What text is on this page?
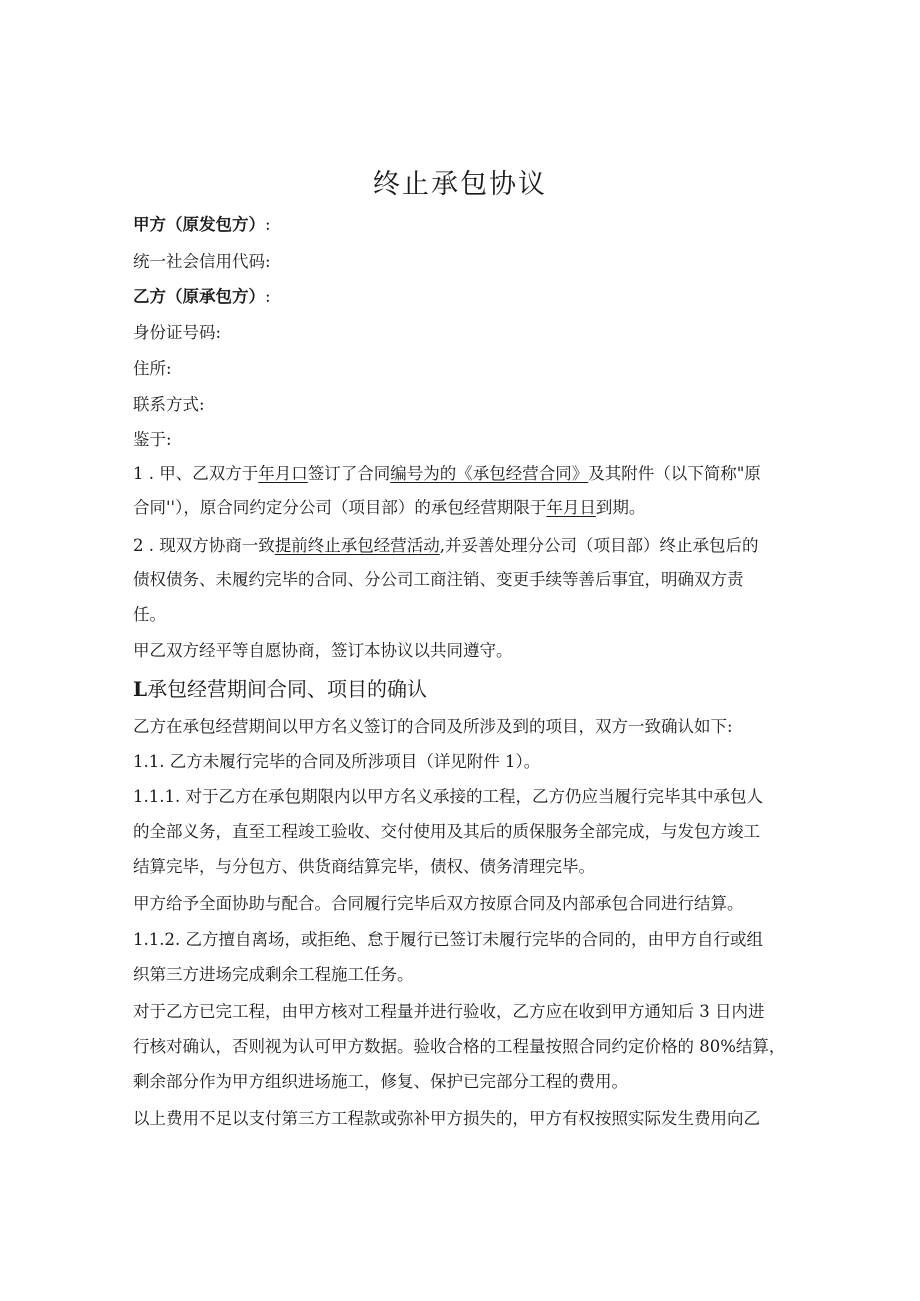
终止承包协议
甲方（原发包方）:
统一社会信用代码:
乙方（原承包方）:
身份证号码:
住所:
联系方式:
鉴于:
1 . 甲、乙双方于年月口签订了合同编号为的《承包经营合同》及其附件（以下简称"原
合同''），原合同约定分公司（项目部）的承包经营期限于年月日到期。
2 . 现双方协商一致提前终止承包经营活动,并妥善处理分公司（项目部）终止承包后的
债权债务、未履约完毕的合同、分公司工商注销、变更手续等善后事宜，明确双方责
任。
甲乙双方经平等自愿协商，签订本协议以共同遵守。
L承包经营期间合同、项目的确认
乙方在承包经营期间以甲方名义签订的合同及所涉及到的项目，双方一致确认如下:
1.1. 乙方未履行完毕的合同及所涉项目（详见附件 1）。
1.1.1. 对于乙方在承包期限内以甲方名义承接的工程，乙方仍应当履行完毕其中承包人
的全部义务，直至工程竣工验收、交付使用及其后的质保服务全部完成，与发包方竣工
结算完毕，与分包方、供货商结算完毕，债权、债务清理完毕。
甲方给予全面协助与配合。合同履行完毕后双方按原合同及内部承包合同进行结算。
1.1.2. 乙方擅自离场，或拒绝、怠于履行已签订未履行完毕的合同的，由甲方自行或组
织第三方进场完成剩余工程施工任务。
对于乙方已完工程，由甲方核对工程量并进行验收，乙方应在收到甲方通知后 3 日内进
行核对确认，否则视为认可甲方数据。验收合格的工程量按照合同约定价格的 80%结算，
剩余部分作为甲方组织进场施工，修复、保护已完部分工程的费用。
以上费用不足以支付第三方工程款或弥补甲方损失的，甲方有权按照实际发生费用向乙
